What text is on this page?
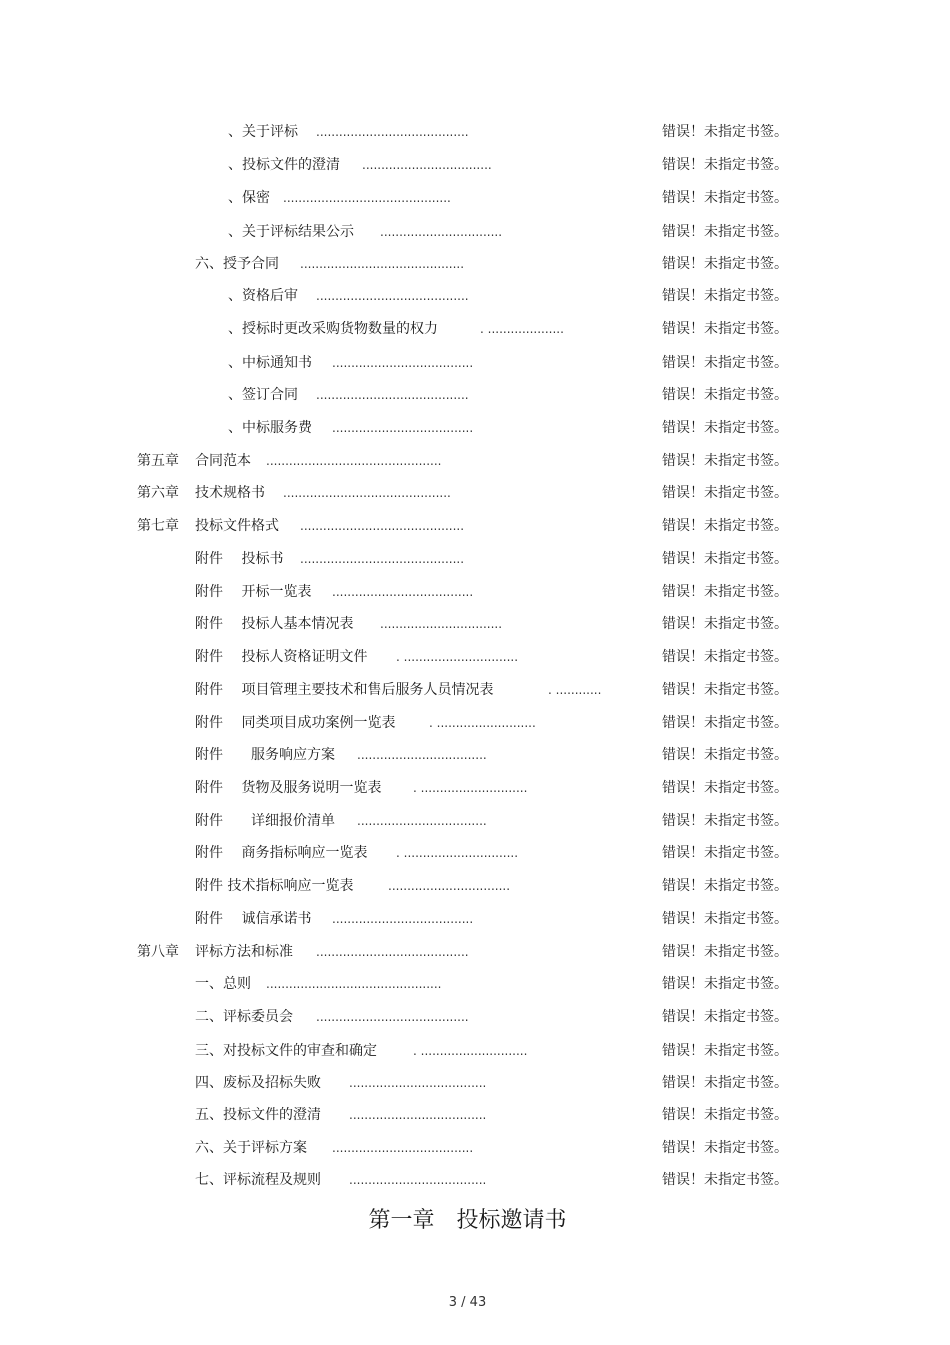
、关于评标 ........................................	错误！未指定书签。
、投标文件的澄清 ..................................	错误！未指定书签。
、保密 ............................................	错误！未指定书签。
、关于评标结果公示 ................................	错误！未指定书签。
六、授予合同 ...........................................	错误！未指定书签。
、资格后审 ........................................	错误！未指定书签。
、授标时更改采购货物数量的权力	. ....................	错误！未指定书签。
、中标通知书 .....................................	错误！未指定书签。
、签订合同 ........................................	错误！未指定书签。
、中标服务费 .....................................	错误！未指定书签。
第五章 合同范本 ..............................................	错误！未指定书签。
第六章 技术规格书 ............................................	错误！未指定书签。
第七章 投标文件格式 ...........................................	错误！未指定书签。
附件　 投标书 ...........................................	错误！未指定书签。
附件　 开标一览表 .....................................	错误！未指定书签。
附件　 投标人基本情况表 ................................	错误！未指定书签。
附件　 投标人资格证明文件 . ..............................	错误！未指定书签。
附件　 项目管理主要技术和售后服务人员情况表	. ............	错误！未指定书签。
附件　 同类项目成功案例一览表	. ..........................	错误！未指定书签。
附件　　服务响应方案 ..................................	错误！未指定书签。
附件　 货物及服务说明一览表	. ............................	错误！未指定书签。
附件　　详细报价清单 ..................................	错误！未指定书签。
附件　 商务指标响应一览表 . ..............................	错误！未指定书签。
附件 技术指标响应一览表	................................	错误！未指定书签。
附件　 诚信承诺书 .....................................	错误！未指定书签。
第八章 评标方法和标准 ........................................	错误！未指定书签。
一、总则 ..............................................	错误！未指定书签。
二、评标委员会 ........................................	错误！未指定书签。
三、对投标文件的审查和确定	. ............................	错误！未指定书签。
四、废标及招标失败 ....................................	错误！未指定书签。
五、投标文件的澄清 ....................................	错误！未指定书签。
六、关于评标方案 .....................................	错误！未指定书签。
七、评标流程及规则 ....................................	错误！未指定书签。
第一章　投标邀请书
3 / 43
